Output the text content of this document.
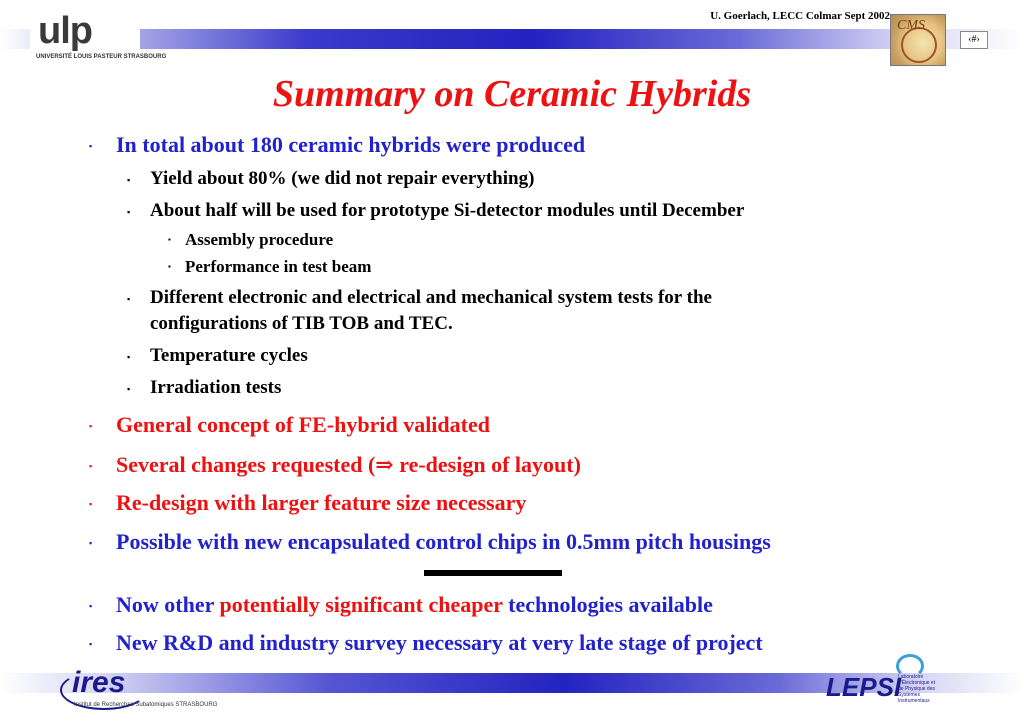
ulp
UNIVERSITÉ LOUIS PASTEUR STRASBOURG
U. Goerlach, LECC Colmar Sept 2002
CMS
‹#›
Summary on Ceramic Hybrids
▪ In total about 180 ceramic hybrids were produced
▪ Yield about 80% (we did not repair everything)
▪ About half will be used for prototype Si-detector modules until December
▪ Assembly procedure
▪ Performance in test beam
▪ Different electronic and electrical and mechanical system tests for the
configurations of TIB TOB and TEC.
▪ Temperature cycles
▪ Irradiation tests
▪ General concept of FE-hybrid validated
▪ Several changes requested (⇒ re-design of layout)
▪ Re-design with larger feature size necessary
▪ Possible with new encapsulated control chips in 0.5mm pitch housings
▪ Now other potentially significant cheaper technologies available
▪ New R&D and industry survey necessary at very late stage of project
ires
Institut de Recherches Subatomiques STRASBOURG
LEPSI
Laboratoire d'Électronique et de Physique des Systèmes Instrumentaux
